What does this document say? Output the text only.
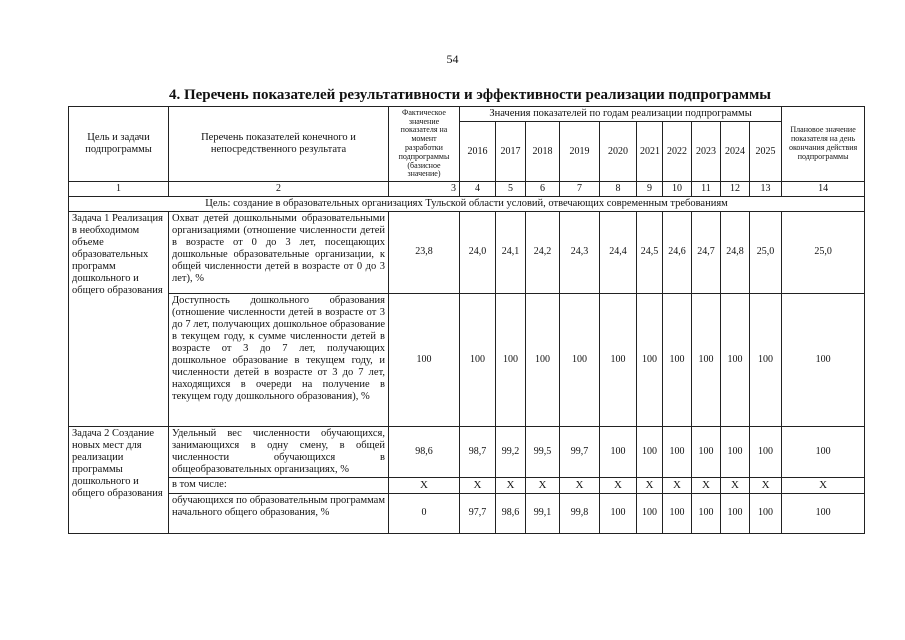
54
4. Перечень показателей результативности и эффективности реализации подпрограммы
Цель и задачи подпрограммы	Перечень показателей конечного и непосредственного результата	Фактическое значение показателя на момент разработки подпрограммы (базисное значение)	Значения показателей по годам реализации подпрограммы										Плановое значение показателя на день окончания действия подпрограммы
			2016	2017	2018	2019	2020	2021	2022	2023	2024	2025	
1	2	3	4	5	6	7	8	9	10	11	12	13	14
Цель: создание в образовательных организациях Тульской области условий, отвечающих современным требованиям													
Задача 1 Реализация в необходимом объеме образовательных программ дошкольного и общего образования	Охват детей дошкольными образовательными организациями (отношение численности детей в возрасте от 0 до 3 лет, посещающих дошкольные образовательные организации, к общей численности детей в возрасте от 0 до 3 лет), %	23,8	24,0	24,1	24,2	24,3	24,4	24,5	24,6	24,7	24,8	25,0	25,0
	Доступность дошкольного образования (отношение численности детей в возрасте от 3 до 7 лет, получающих дошкольное образование в текущем году, к сумме численности детей в возрасте от 3 до 7 лет, получающих дошкольное образование в текущем году, и численности детей в возрасте от 3 до 7 лет, находящихся в очереди на получение в текущем году дошкольного образования), %	100	100	100	100	100	100	100	100	100	100	100	100
Задача 2 Создание новых мест для реализации программы дошкольного и общего образования	Удельный вес численности обучающихся, занимающихся в одну смену, в общей численности обучающихся в общеобразовательных организациях, %	98,6	98,7	99,2	99,5	99,7	100	100	100	100	100	100	100
	в том числе:	X	X	X	X	X	X	X	X	X	X	X	X
	обучающихся по образовательным программам начального общего образования, %	0	97,7	98,6	99,1	99,8	100	100	100	100	100	100	100
